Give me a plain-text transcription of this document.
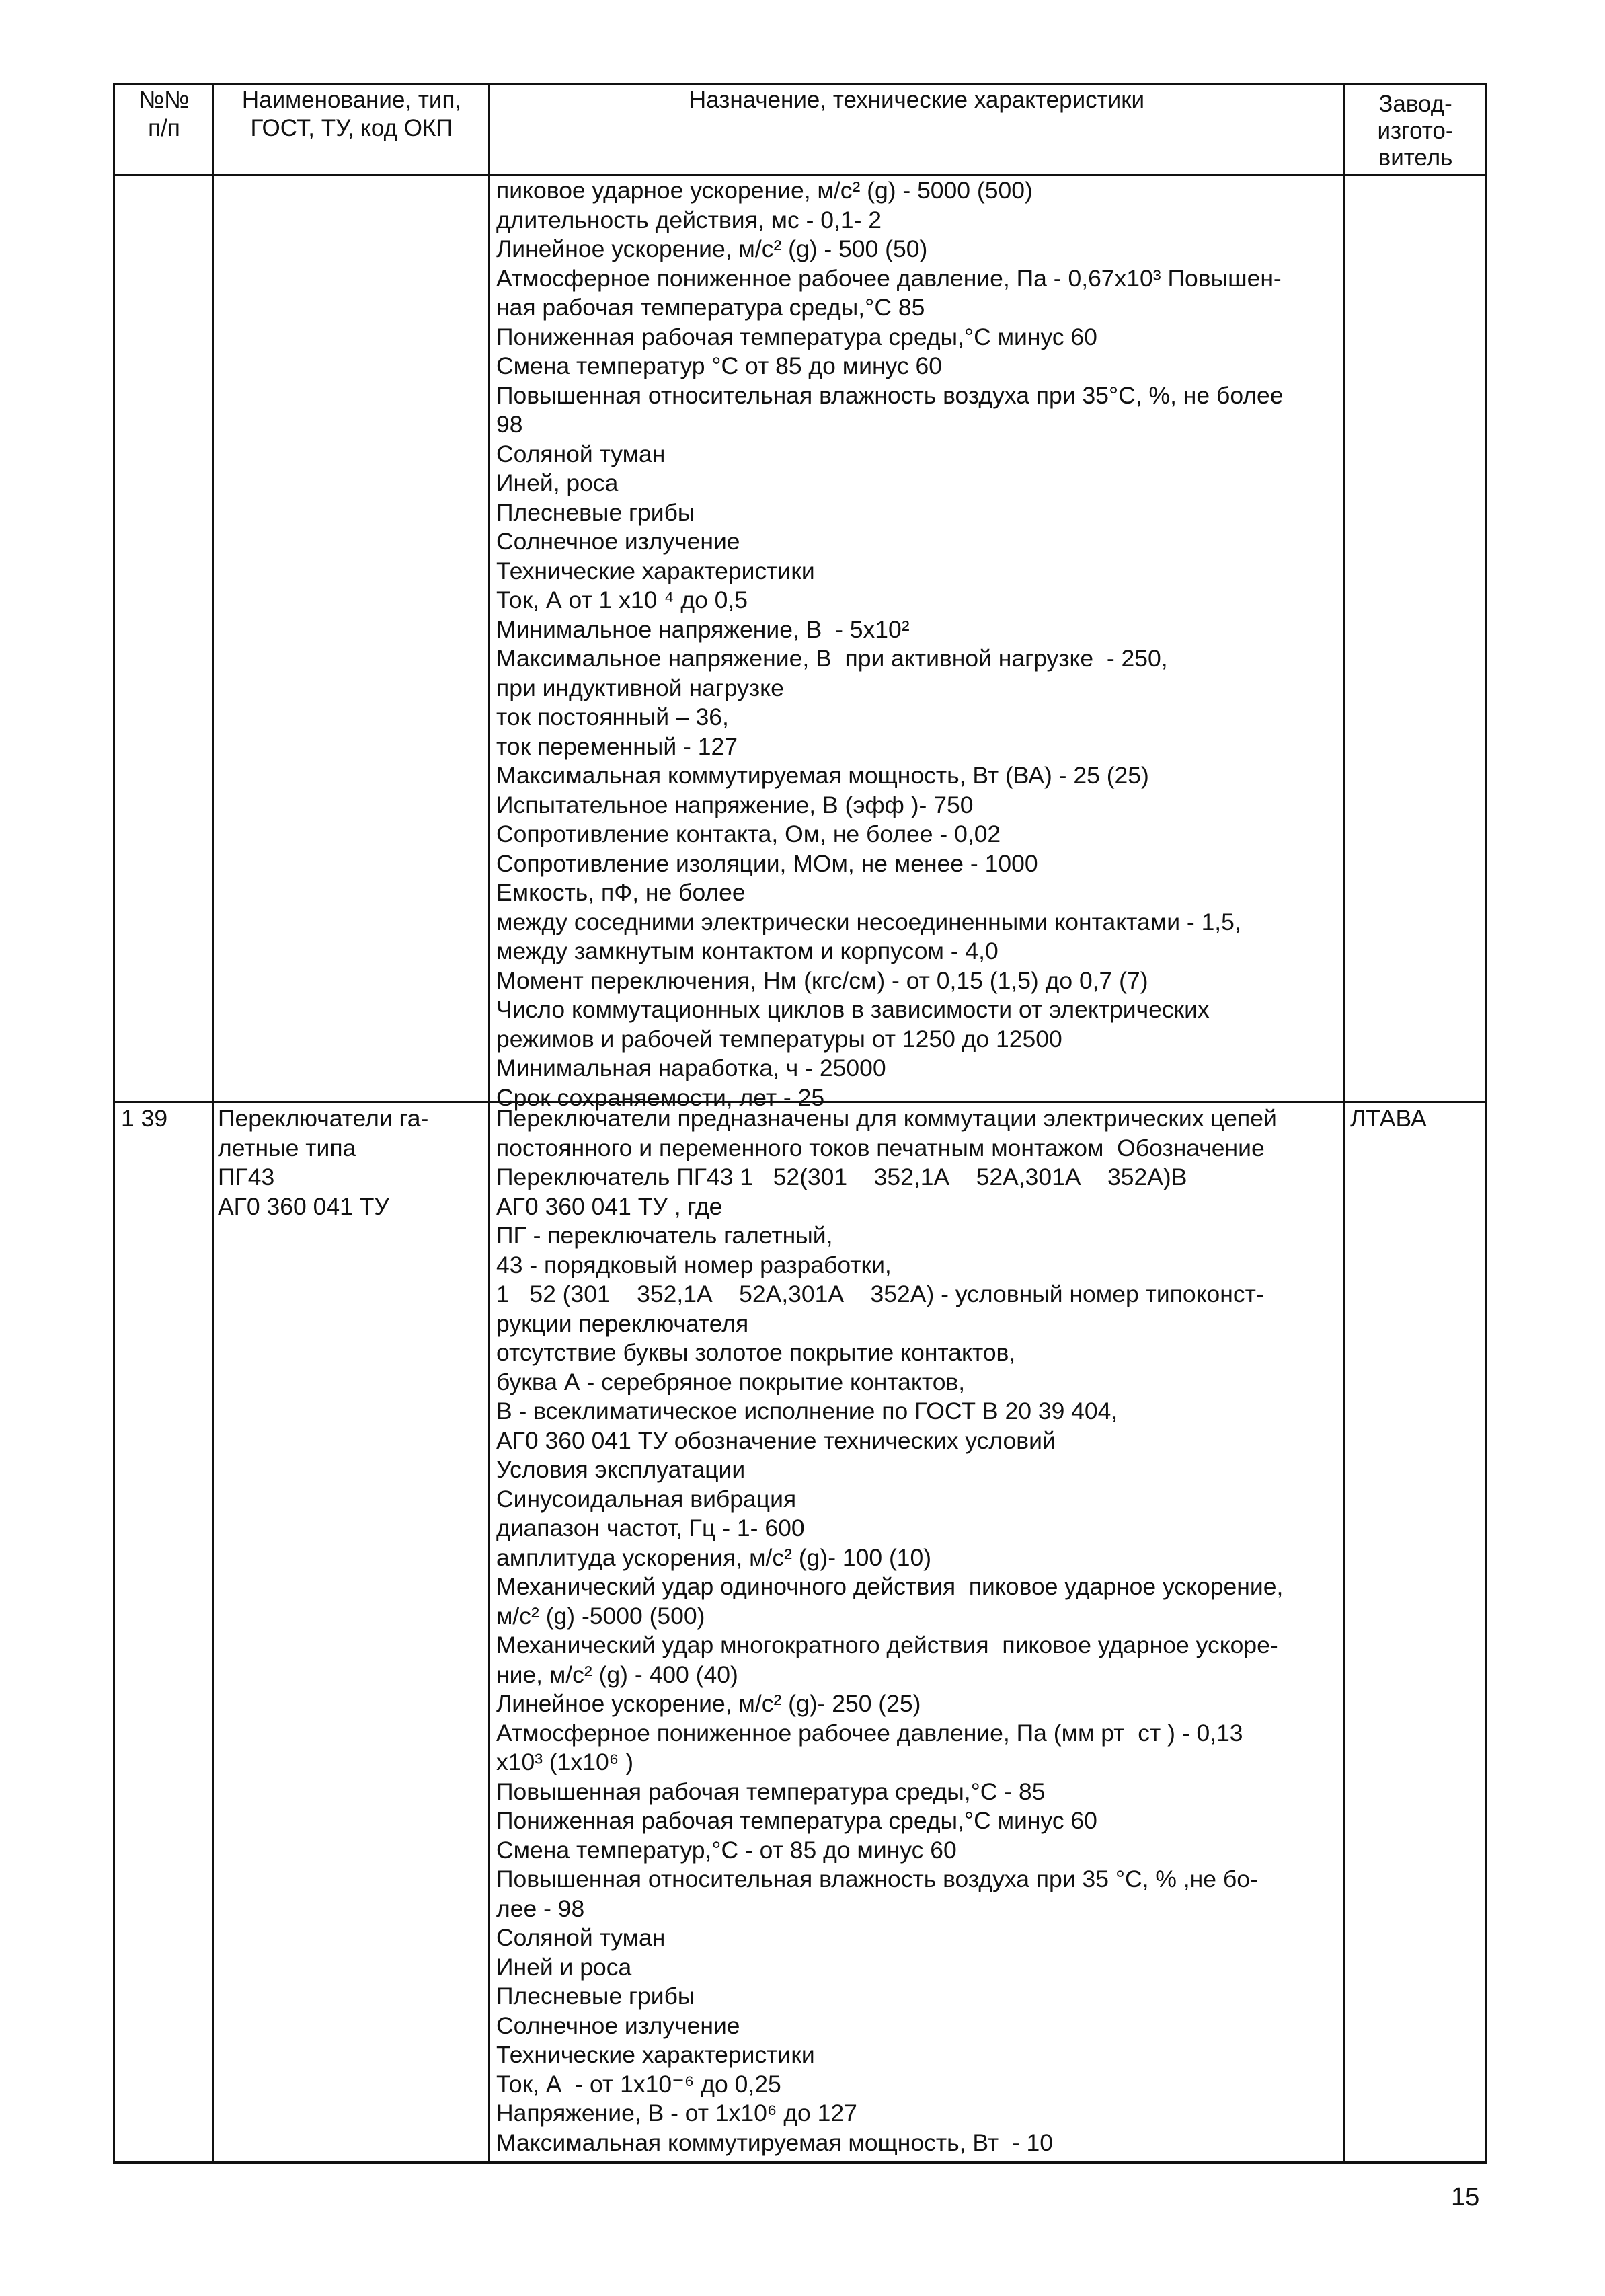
№№
п/п
Наименование, тип,
ГОСТ, ТУ, код ОКП
Назначение, технические характеристики	Завод-
изгото-
витель
пиковое ударное ускорение, м/с² (g) - 5000 (500)
длительность действия, мс - 0,1- 2
Линейное ускорение, м/с² (g) - 500 (50)
Атмосферное пониженное рабочее давление, Па - 0,67x10³ Повышен-
ная рабочая температура среды,°С 85
Пониженная рабочая температура среды,°С минус 60
Смена температур °С от 85 до минус 60
Повышенная относительная влажность воздуха при 35°С, %, не более
98
Соляной туман
Иней, роса
Плесневые грибы
Солнечное излучение
Технические характеристики
Ток, А от 1 x10 ⁴ до 0,5
Минимальное напряжение, В  - 5x10²
Максимальное напряжение, В  при активной нагрузке  - 250,
при индуктивной нагрузке
ток постоянный – 36,
ток переменный - 127
Максимальная коммутируемая мощность, Вт (ВА) - 25 (25)
Испытательное напряжение, В (эфф )- 750
Сопротивление контакта, Ом, не более - 0,02
Сопротивление изоляции, МОм, не менее - 1000
Емкость, пФ, не более
между соседними электрически несоединенными контактами - 1,5,
между замкнутым контактом и корпусом - 4,0
Момент переключения, Нм (кгс/см) - от 0,15 (1,5) до 0,7 (7)
Число коммутационных циклов в зависимости от электрических
режимов и рабочей температуры от 1250 до 12500
Минимальная наработка, ч - 25000
Срок сохраняемости, лет - 25
1 39 Переключатели га-
летные типа
ПГ43
АГ0 360 041 ТУ
ЛТАВА
Переключатели предназначены для коммутации электрических цепей
постоянного и переменного токов печатным монтажом  Обозначение
Переключатель ПГ43 1   52(301    352,1А    52А,301А    352А)В
АГ0 360 041 ТУ , где
ПГ - переключатель галетный,
43 - порядковый номер разработки,
1   52 (301    352,1А    52А,301А    352А) - условный номер типоконст-
рукции переключателя
отсутствие буквы золотое покрытие контактов,
буква А - серебряное покрытие контактов,
В - всеклиматическое исполнение по ГОСТ В 20 39 404,
АГ0 360 041 ТУ обозначение технических условий
Условия эксплуатации
Синусоидальная вибрация
диапазон частот, Гц - 1- 600
амплитуда ускорения, м/с² (g)- 100 (10)
Механический удар одиночного действия  пиковое ударное ускорение,
м/с² (g) -5000 (500)
Механический удар многократного действия  пиковое ударное ускоре-
ние, м/с² (g) - 400 (40)
Линейное ускорение, м/с² (g)- 250 (25)
Атмосферное пониженное рабочее давление, Па (мм рт  ст ) - 0,13
x10³ (1x10⁶ )
Повышенная рабочая температура среды,°С - 85
Пониженная рабочая температура среды,°С минус 60
Смена температур,°С - от 85 до минус 60
Повышенная относительная влажность воздуха при 35 °С, % ,не бо-
лее - 98
Соляной туман
Иней и роса
Плесневые грибы
Солнечное излучение
Технические характеристики
Ток, А  - от 1x10⁻⁶ до 0,25
Напряжение, В - от 1x10⁶ до 127
Максимальная коммутируемая мощность, Вт  - 10
15
